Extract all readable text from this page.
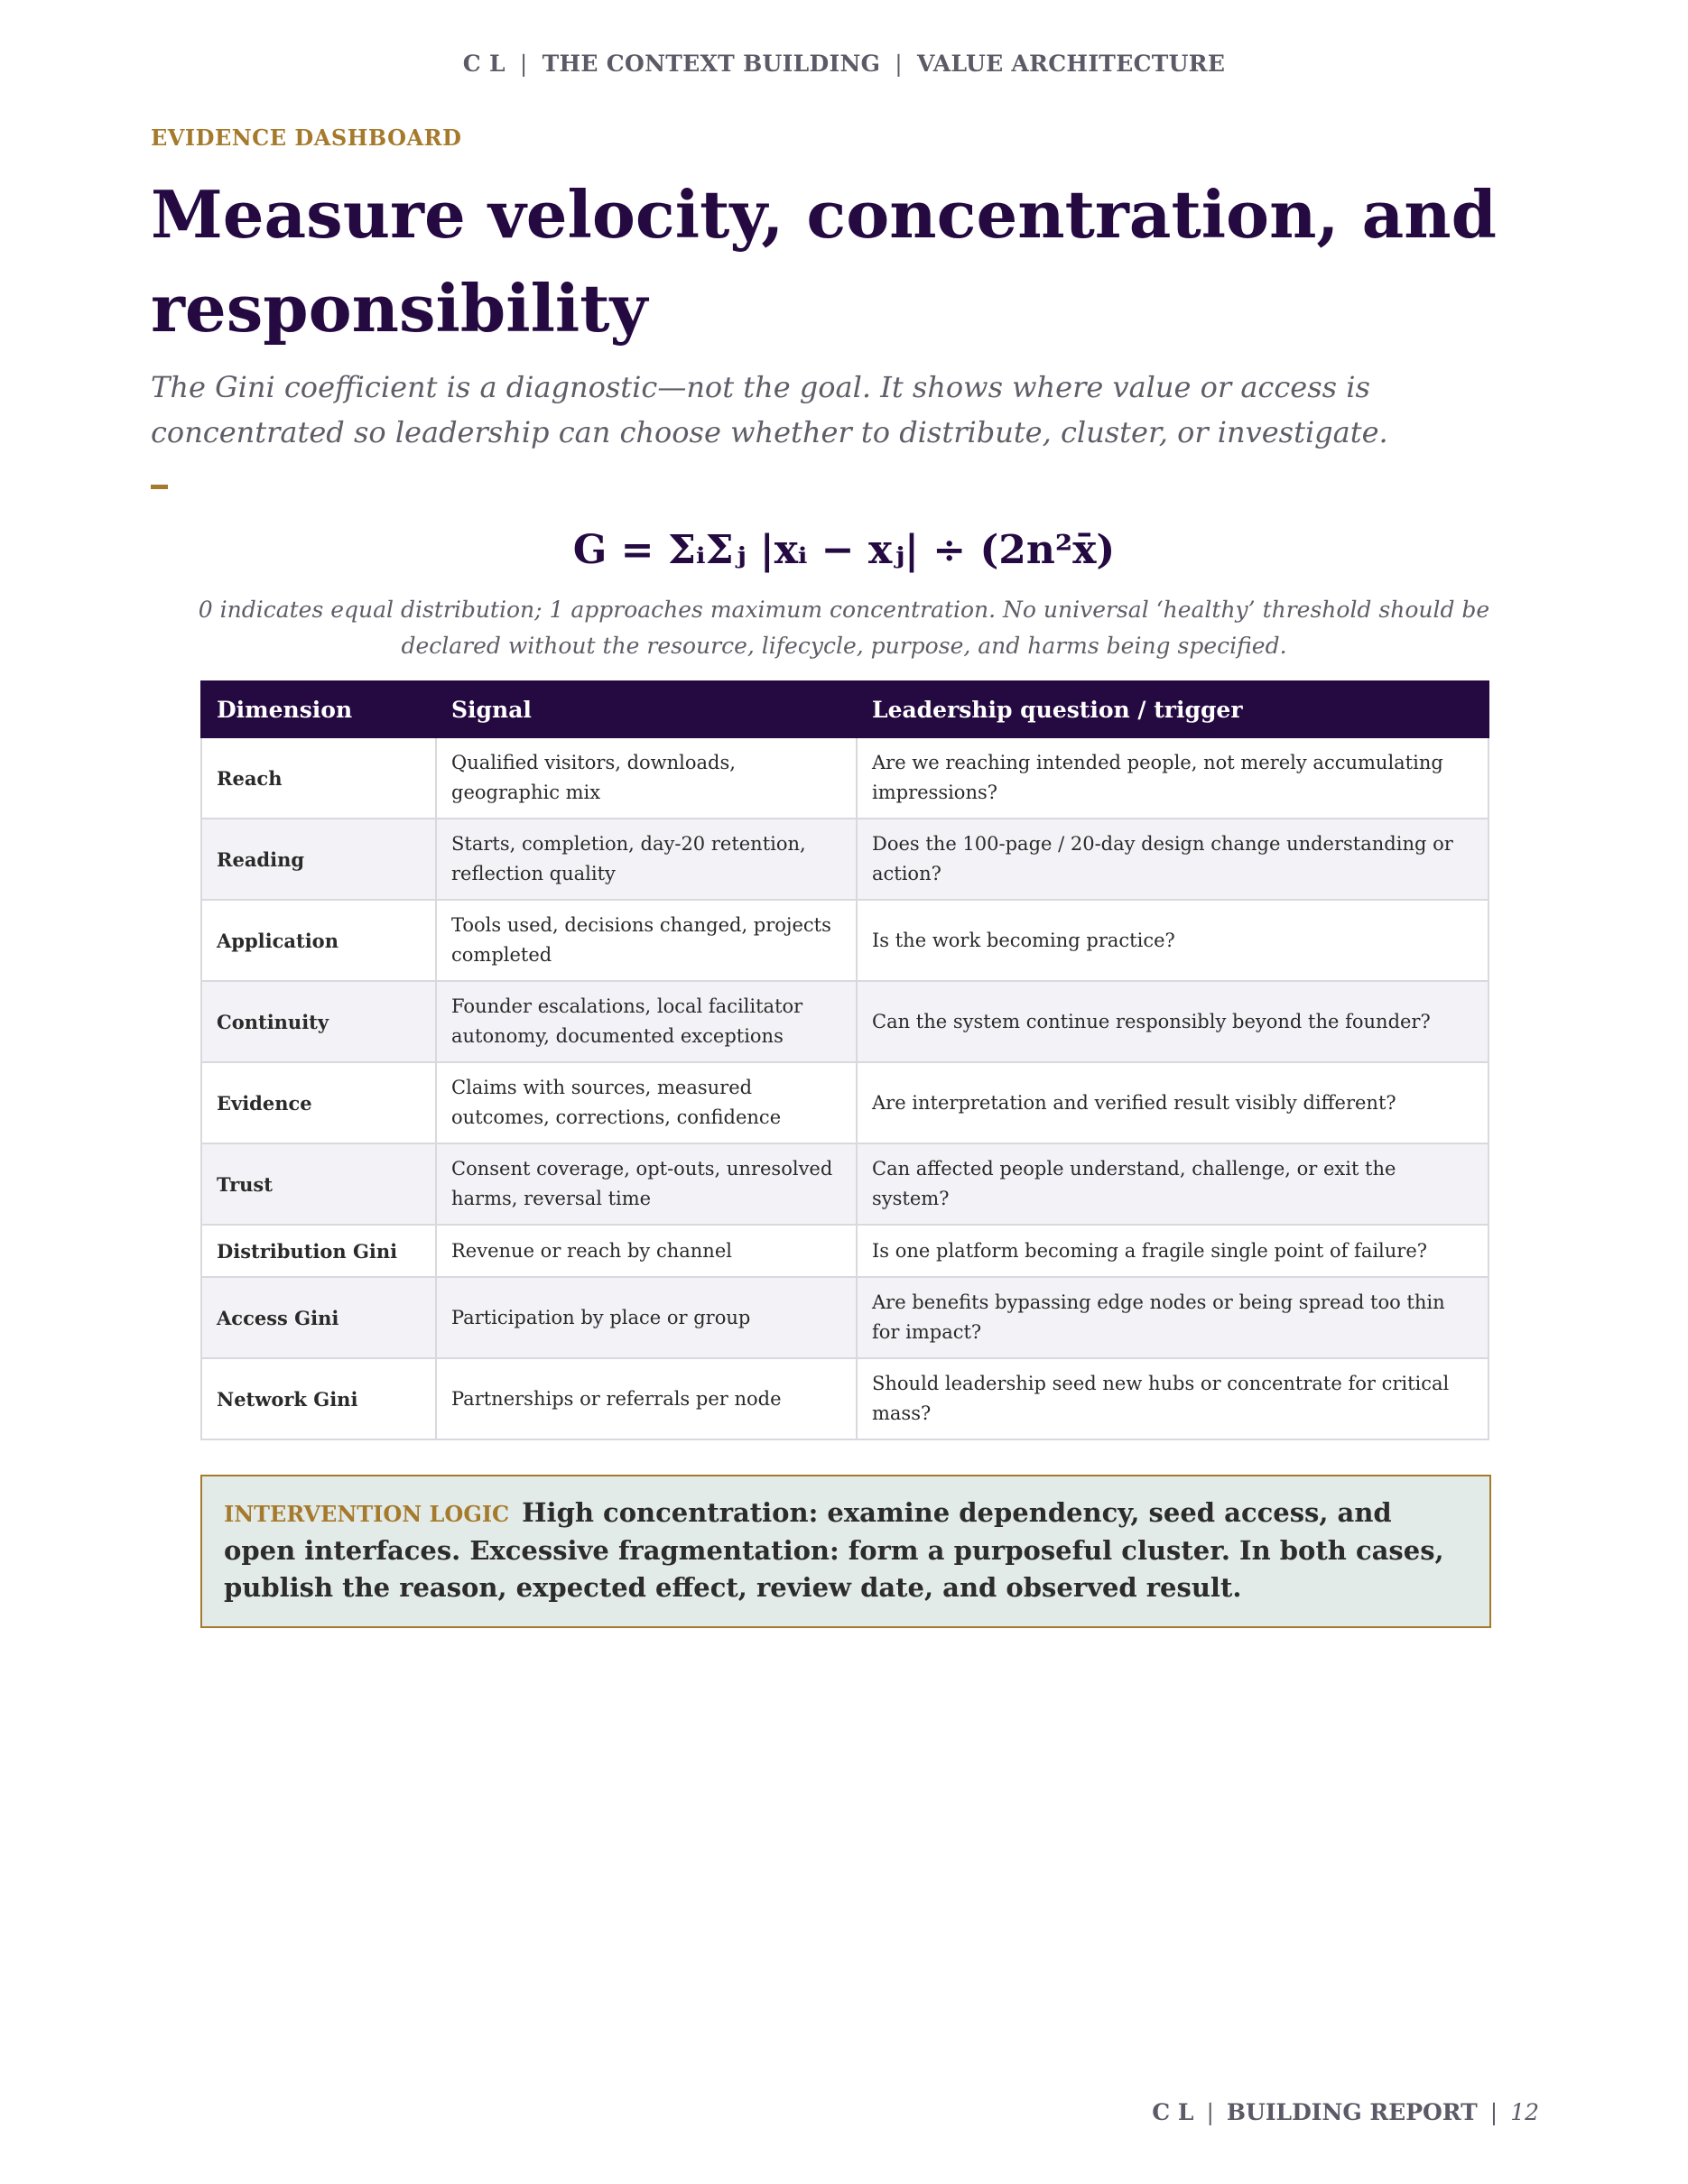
C L | THE CONTEXT BUILDING | VALUE ARCHITECTURE
EVIDENCE DASHBOARD
Measure velocity, concentration, and responsibility

The Gini coefficient is a diagnostic—not the goal. It shows where value or access is concentrated so leadership can choose whether to distribute, cluster, or investigate.

G = ΣᵢΣⱼ |xᵢ − xⱼ| ÷ (2n²x̄)

0 indicates equal distribution; 1 approaches maximum concentration. No universal ‘healthy’ threshold should be declared without the resource, lifecycle, purpose, and harms being specified.

Dimension	Signal	Leadership question / trigger
Reach	Qualified visitors, downloads, geographic mix	Are we reaching intended people, not merely accumulating impressions?
Reading	Starts, completion, day-20 retention, reflection quality	Does the 100-page / 20-day design change understanding or action?
Application	Tools used, decisions changed, projects completed	Is the work becoming practice?
Continuity	Founder escalations, local facilitator autonomy, documented exceptions	Can the system continue responsibly beyond the founder?
Evidence	Claims with sources, measured outcomes, corrections, confidence	Are interpretation and verified result visibly different?
Trust	Consent coverage, opt-outs, unresolved harms, reversal time	Can affected people understand, challenge, or exit the system?
Distribution Gini	Revenue or reach by channel	Is one platform becoming a fragile single point of failure?
Access Gini	Participation by place or group	Are benefits bypassing edge nodes or being spread too thin for impact?
Network Gini	Partnerships or referrals per node	Should leadership seed new hubs or concentrate for critical mass?
INTERVENTION LOGIC High concentration: examine dependency, seed access, and open interfaces. Excessive fragmentation: form a purposeful cluster. In both cases, publish the reason, expected effect, review date, and observed result.
C L | BUILDING REPORT | 12
